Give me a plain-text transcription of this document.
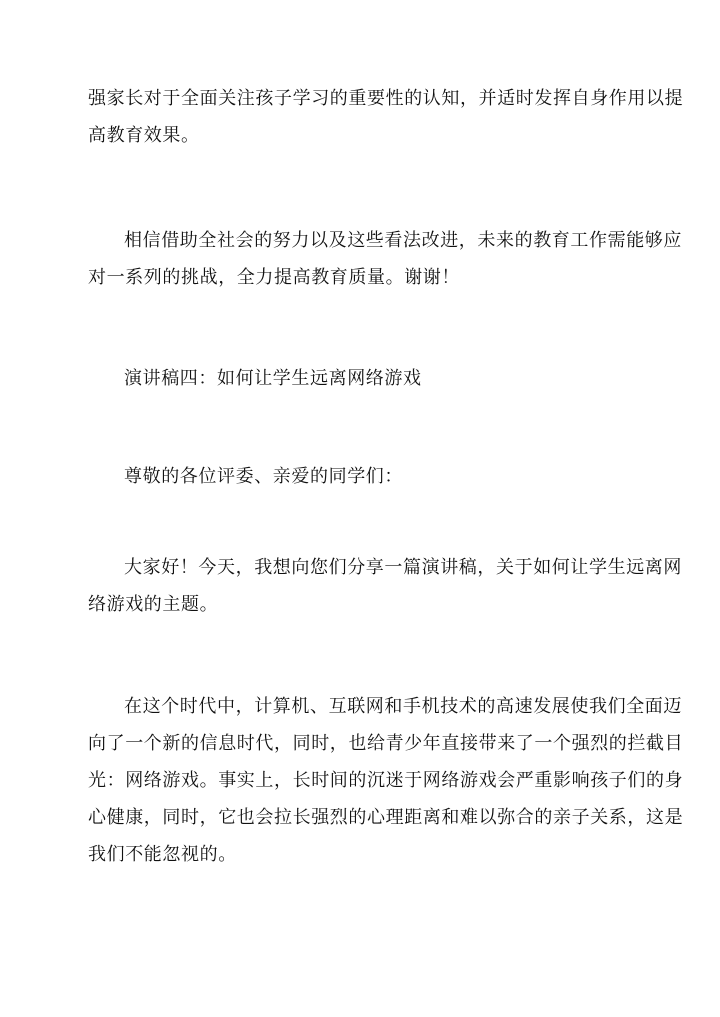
强家长对于全面关注孩子学习的重要性的认知，并适时发挥自身作用以提
高教育效果。
相信借助全社会的努力以及这些看法改进，未来的教育工作需能够应
对一系列的挑战，全力提高教育质量。谢谢！
演讲稿四：如何让学生远离网络游戏
尊敬的各位评委、亲爱的同学们：
大家好！今天，我想向您们分享一篇演讲稿，关于如何让学生远离网
络游戏的主题。
在这个时代中，计算机、互联网和手机技术的高速发展使我们全面迈
向了一个新的信息时代，同时，也给青少年直接带来了一个强烈的拦截目
光：网络游戏。事实上，长时间的沉迷于网络游戏会严重影响孩子们的身
心健康，同时，它也会拉长强烈的心理距离和难以弥合的亲子关系，这是
我们不能忽视的。
